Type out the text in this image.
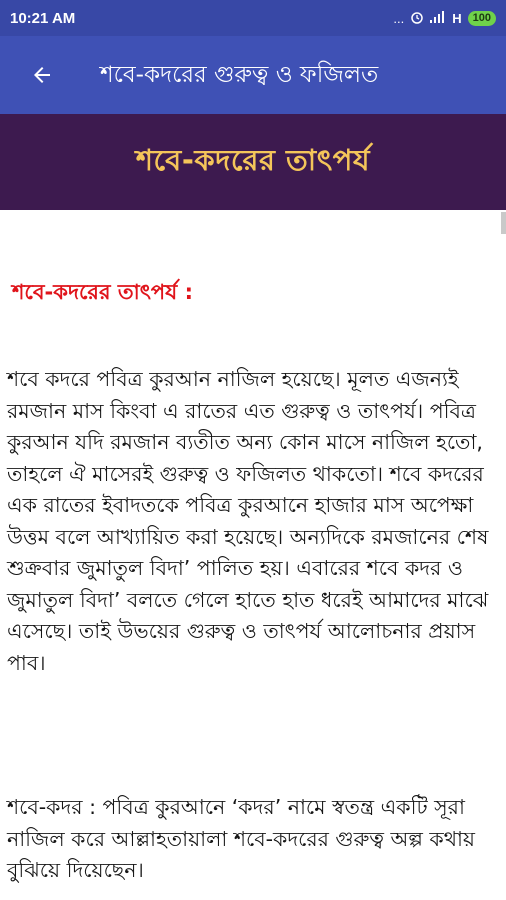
10:21 AM	...	H	100
শবে-কদরের গুরুত্ব ও ফজিলত
শবে-কদরের তাৎপর্য
শবে-কদরের তাৎপর্য :

শবে কদরে পবিত্র কুরআন নাজিল হয়েছে। মূলত এজন্যই রমজান মাস কিংবা এ রাতের এত গুরুত্ব ও তাৎপর্য। পবিত্র কুরআন যদি রমজান ব্যতীত অন্য কোন মাসে নাজিল হতো, তাহলে ঐ মাসেরই গুরুত্ব ও ফজিলত থাকতো। শবে কদরের এক রাতের ইবাদতকে পবিত্র কুরআনে হাজার মাস অপেক্ষা উত্তম বলে আখ্যায়িত করা হয়েছে। অন্যদিকে রমজানের শেষ শুক্রবার জুমাতুল বিদা’ পালিত হয়। এবারের শবে কদর ও জুমাতুল বিদা’ বলতে গেলে হাতে হাত ধরেই আমাদের মাঝে এসেছে। তাই উভয়ের গুরুত্ব ও তাৎপর্য আলোচনার প্রয়াস পাব।

শবে-কদর : পবিত্র কুরআনে ‘কদর’ নামে স্বতন্ত্র একটি সূরা নাজিল করে আল্লাহতায়ালা শবে-কদরের গুরুত্ব অল্প কথায় বুঝিয়ে দিয়েছেন।
